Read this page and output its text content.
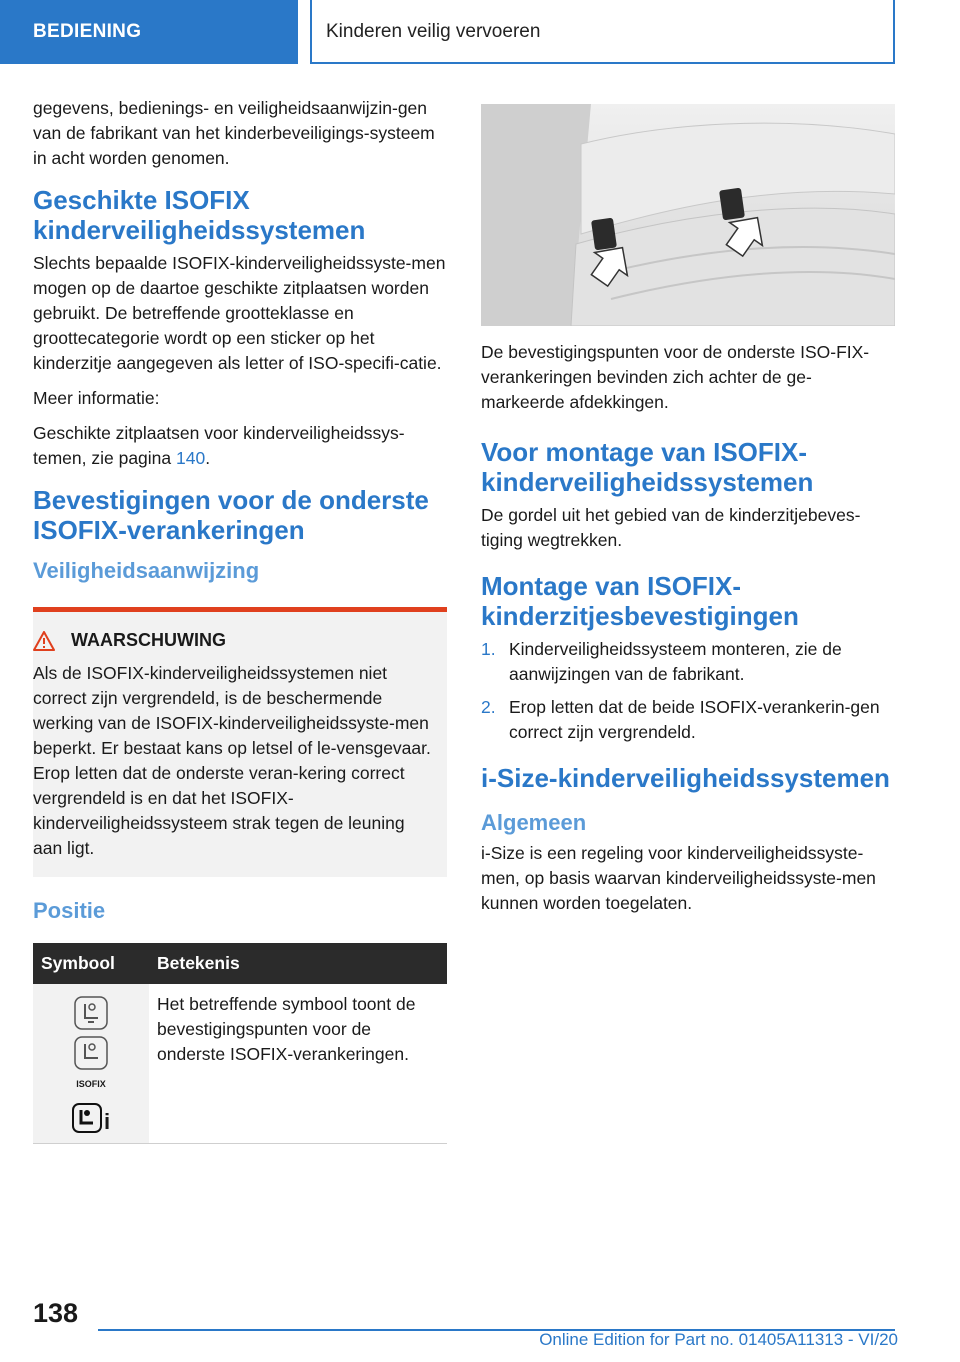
BEDIENING	Kinderen veilig vervoeren

gegevens, bedienings- en veiligheidsaanwijzin-gen van de fabrikant van het kinderbeveiligings-systeem in acht worden genomen.

Geschikte ISOFIX kinderveiligheidssystemen

Slechts bepaalde ISOFIX-kinderveiligheidssyste-men mogen op de daartoe geschikte zitplaatsen worden gebruikt. De betreffende grootteklasse en groottecategorie wordt op een sticker op het kinderzitje aangegeven als letter of ISO-specifi-catie.

Meer informatie:

Geschikte zitplaatsen voor kinderveiligheidssys-temen, zie pagina 140.

Bevestigingen voor de onderste ISOFIX-verankeringen
Veiligheidsaanwijzing
WAARSCHUWING

Als de ISOFIX-kinderveiligheidssystemen niet correct zijn vergrendeld, is de beschermende werking van de ISOFIX-kinderveiligheidssyste-men beperkt. Er bestaat kans op letsel of le-vensgevaar. Erop letten dat de onderste veran-kering correct vergrendeld is en dat het ISOFIX-kinderveiligheidssysteem strak tegen de leuning aan ligt.

Positie
Symbool	Betekenis

ISOFIX
i	Het betreffende symbool toont de bevestigingspunten voor de onderste ISOFIX-verankeringen.

De bevestigingspunten voor de onderste ISO-FIX-verankeringen bevinden zich achter de ge-markeerde afdekkingen.

Voor montage van ISOFIX-kinderveiligheidssystemen

De gordel uit het gebied van de kinderzitjebeves-tiging wegtrekken.

Montage van ISOFIX-kinderzitjesbevestigingen
1. Kinderveiligheidssysteem monteren, zie de aanwijzingen van de fabrikant.
2. Erop letten dat de beide ISOFIX-verankerin-gen correct zijn vergrendeld.
i-Size-kinderveiligheidssystemen
Algemeen

i-Size is een regeling voor kinderveiligheidssyste-men, op basis waarvan kinderveiligheidssyste-men kunnen worden toegelaten.

138
Online Edition for Part no. 01405A11313 - VI/20
